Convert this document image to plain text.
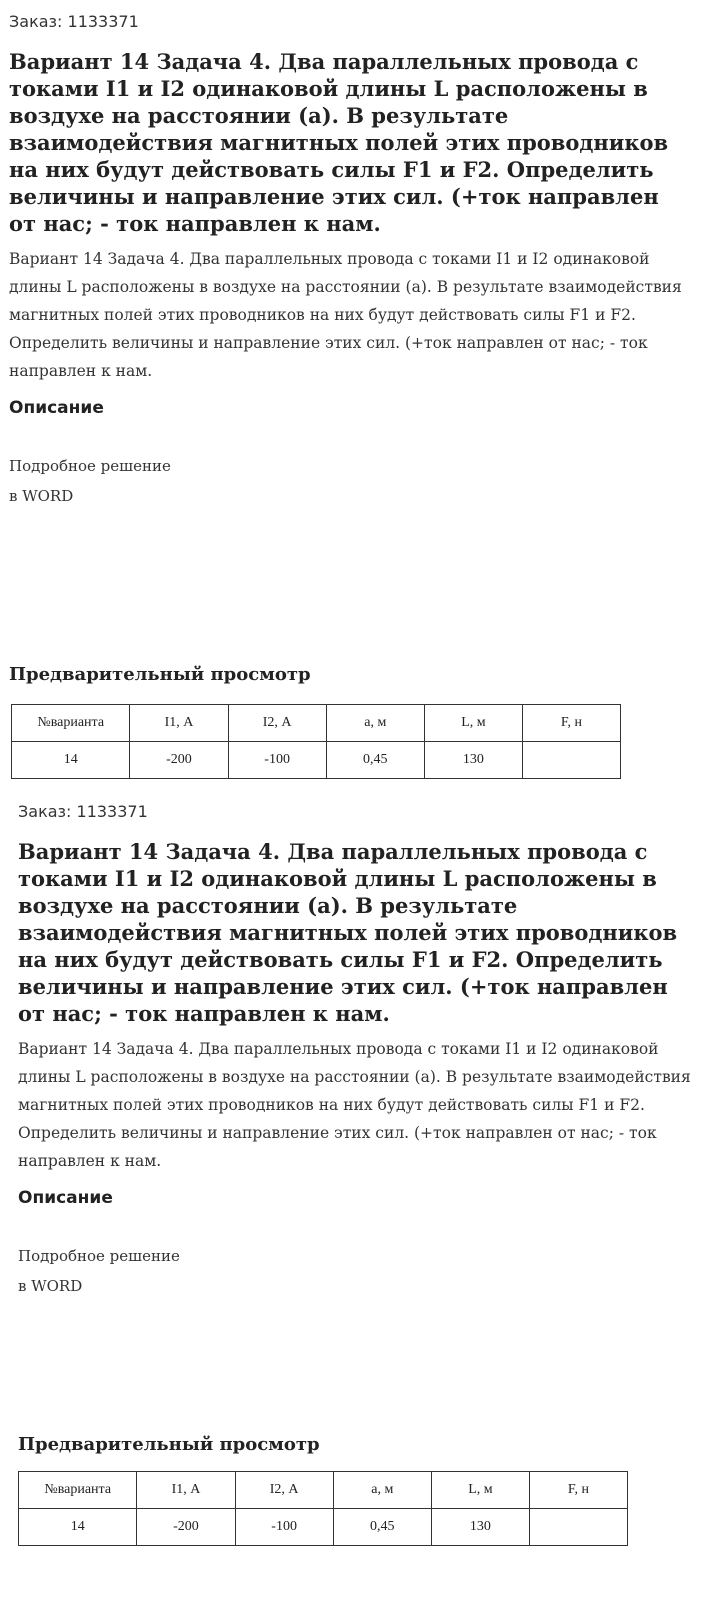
Заказ: 1133371
Вариант 14 Задача 4. Два параллельных провода с токами I1 и I2 одинаковой длины L расположены в воздухе на расстоянии (а). В результате взаимодействия магнитных полей этих проводников на них будут действовать силы F1 и F2. Определить величины и направление этих сил. (+ток направлен от нас; - ток направлен к нам.

Вариант 14 Задача 4. Два параллельных провода с токами I1 и I2 одинаковой длины L расположены в воздухе на расстоянии (а). В результате взаимодействия магнитных полей этих проводников на них будут действовать силы F1 и F2. Определить величины и направление этих сил. (+ток направлен от нас; - ток направлен к нам.

Описание
Подробное решение
в WORD
Предварительный просмотр
№варианта	I1, А	I2, А	а, м	L, м	F, н
14	-200	-100	0,45	130	
Заказ: 1133371
Вариант 14 Задача 4. Два параллельных провода с токами I1 и I2 одинаковой длины L расположены в воздухе на расстоянии (а). В результате взаимодействия магнитных полей этих проводников на них будут действовать силы F1 и F2. Определить величины и направление этих сил. (+ток направлен от нас; - ток направлен к нам.

Вариант 14 Задача 4. Два параллельных провода с токами I1 и I2 одинаковой длины L расположены в воздухе на расстоянии (а). В результате взаимодействия магнитных полей этих проводников на них будут действовать силы F1 и F2. Определить величины и направление этих сил. (+ток направлен от нас; - ток направлен к нам.

Описание
Подробное решение
в WORD
Предварительный просмотр
№варианта	I1, А	I2, А	а, м	L, м	F, н
14	-200	-100	0,45	130	
